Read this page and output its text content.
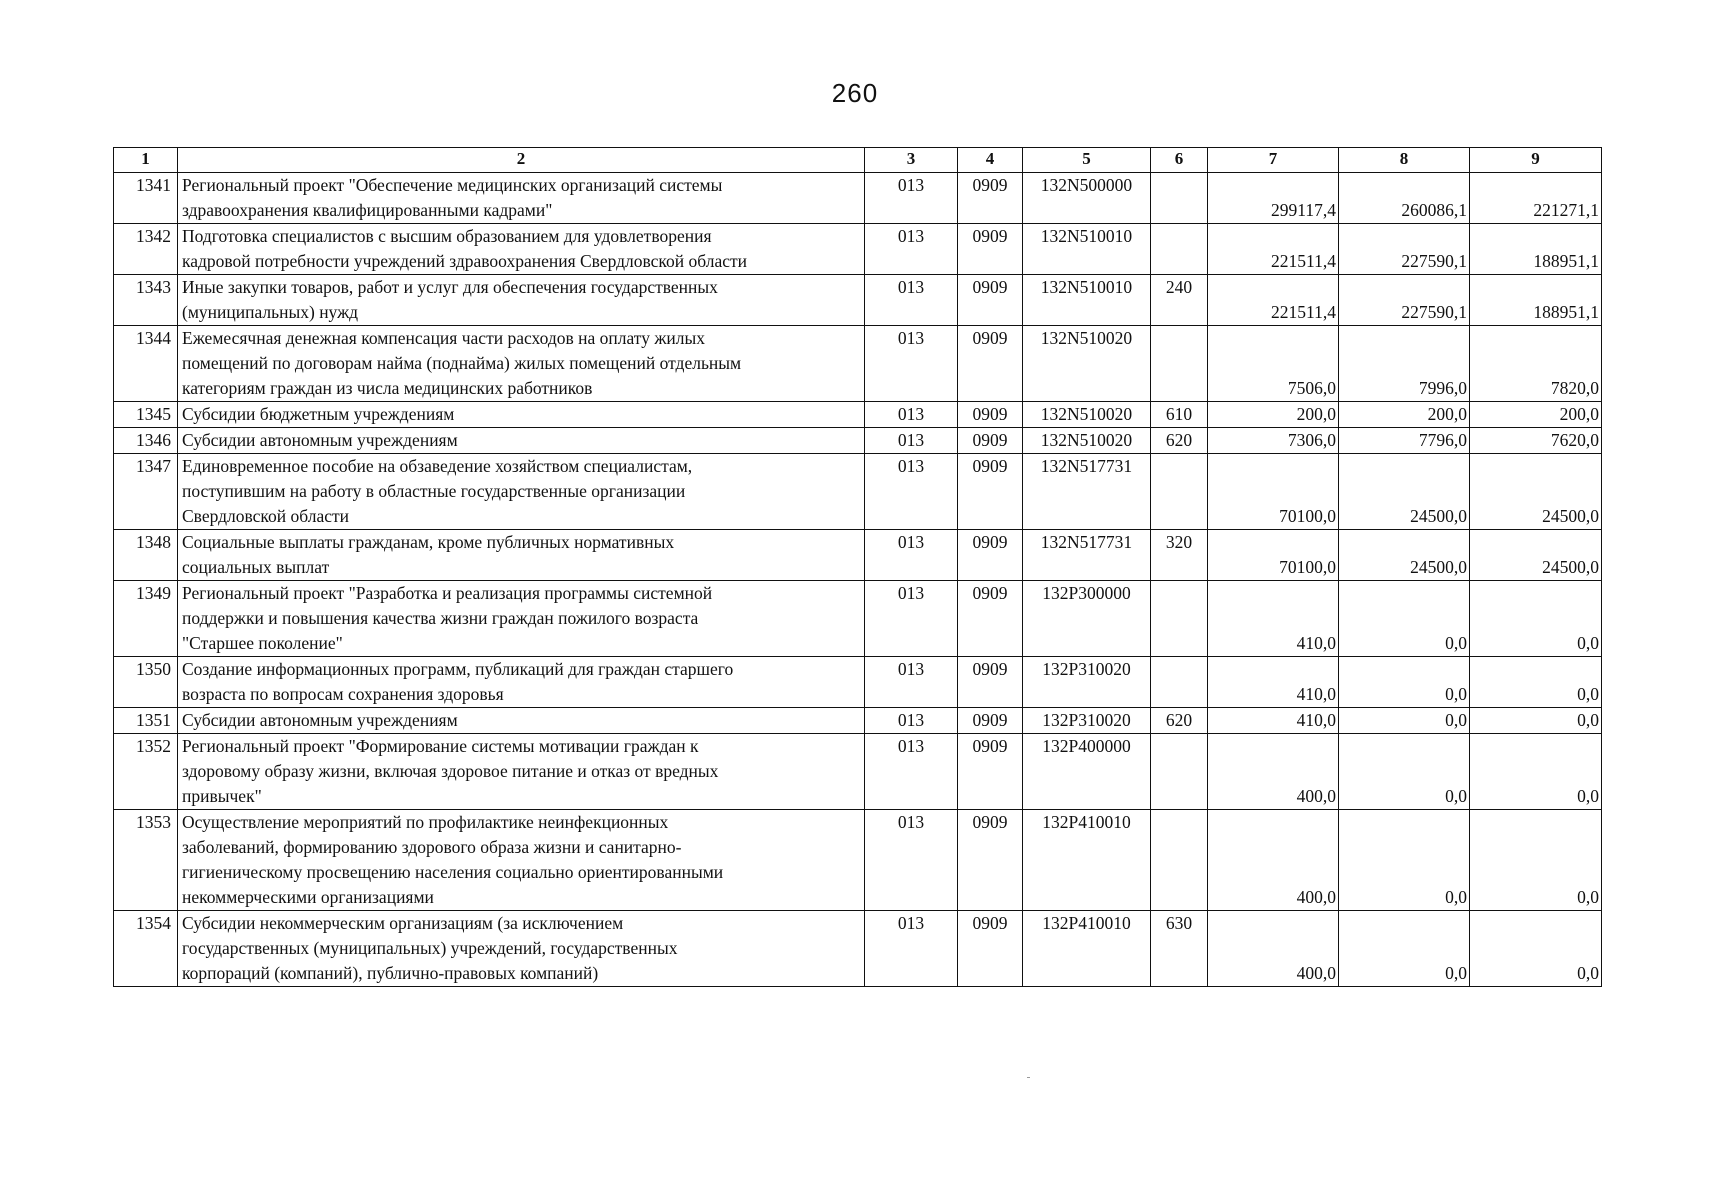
260
1	2	3	4	5	6	7	8	9
1341	Региональный проект "Обеспечение медицинских организаций системы
здравоохранения квалифицированными кадрами"	013	0909	132N500000		299117,4	260086,1	221271,1
1342	Подготовка специалистов с высшим образованием для удовлетворения
кадровой потребности учреждений здравоохранения Свердловской области	013	0909	132N510010		221511,4	227590,1	188951,1
1343	Иные закупки товаров, работ и услуг для обеспечения государственных
(муниципальных) нужд	013	0909	132N510010	240	221511,4	227590,1	188951,1
1344	Ежемесячная денежная компенсация части расходов на оплату жилых
помещений по договорам найма (поднайма) жилых помещений отдельным
категориям граждан из числа медицинских работников	013	0909	132N510020		7506,0	7996,0	7820,0
1345	Субсидии бюджетным учреждениям	013	0909	132N510020	610	200,0	200,0	200,0
1346	Субсидии автономным учреждениям	013	0909	132N510020	620	7306,0	7796,0	7620,0
1347	Единовременное пособие на обзаведение хозяйством специалистам,
поступившим на работу в областные государственные организации
Свердловской области	013	0909	132N517731		70100,0	24500,0	24500,0
1348	Социальные выплаты гражданам, кроме публичных нормативных
социальных выплат	013	0909	132N517731	320	70100,0	24500,0	24500,0
1349	Региональный проект "Разработка и реализация программы системной
поддержки и повышения качества жизни граждан пожилого возраста
"Старшее поколение"	013	0909	132P300000		410,0	0,0	0,0
1350	Создание информационных программ, публикаций для граждан старшего
возраста по вопросам сохранения здоровья	013	0909	132P310020		410,0	0,0	0,0
1351	Субсидии автономным учреждениям	013	0909	132P310020	620	410,0	0,0	0,0
1352	Региональный проект "Формирование системы мотивации граждан к
здоровому образу жизни, включая здоровое питание и отказ от вредных
привычек"	013	0909	132P400000		400,0	0,0	0,0
1353	Осуществление мероприятий по профилактике неинфекционных
заболеваний, формированию здорового образа жизни и санитарно-
гигиеническому просвещению населения социально ориентированными
некоммерческими организациями	013	0909	132P410010		400,0	0,0	0,0
1354	Субсидии некоммерческим организациям (за исключением
государственных (муниципальных) учреждений, государственных
корпораций (компаний), публично-правовых компаний)	013	0909	132P410010	630	400,0	0,0	0,0
